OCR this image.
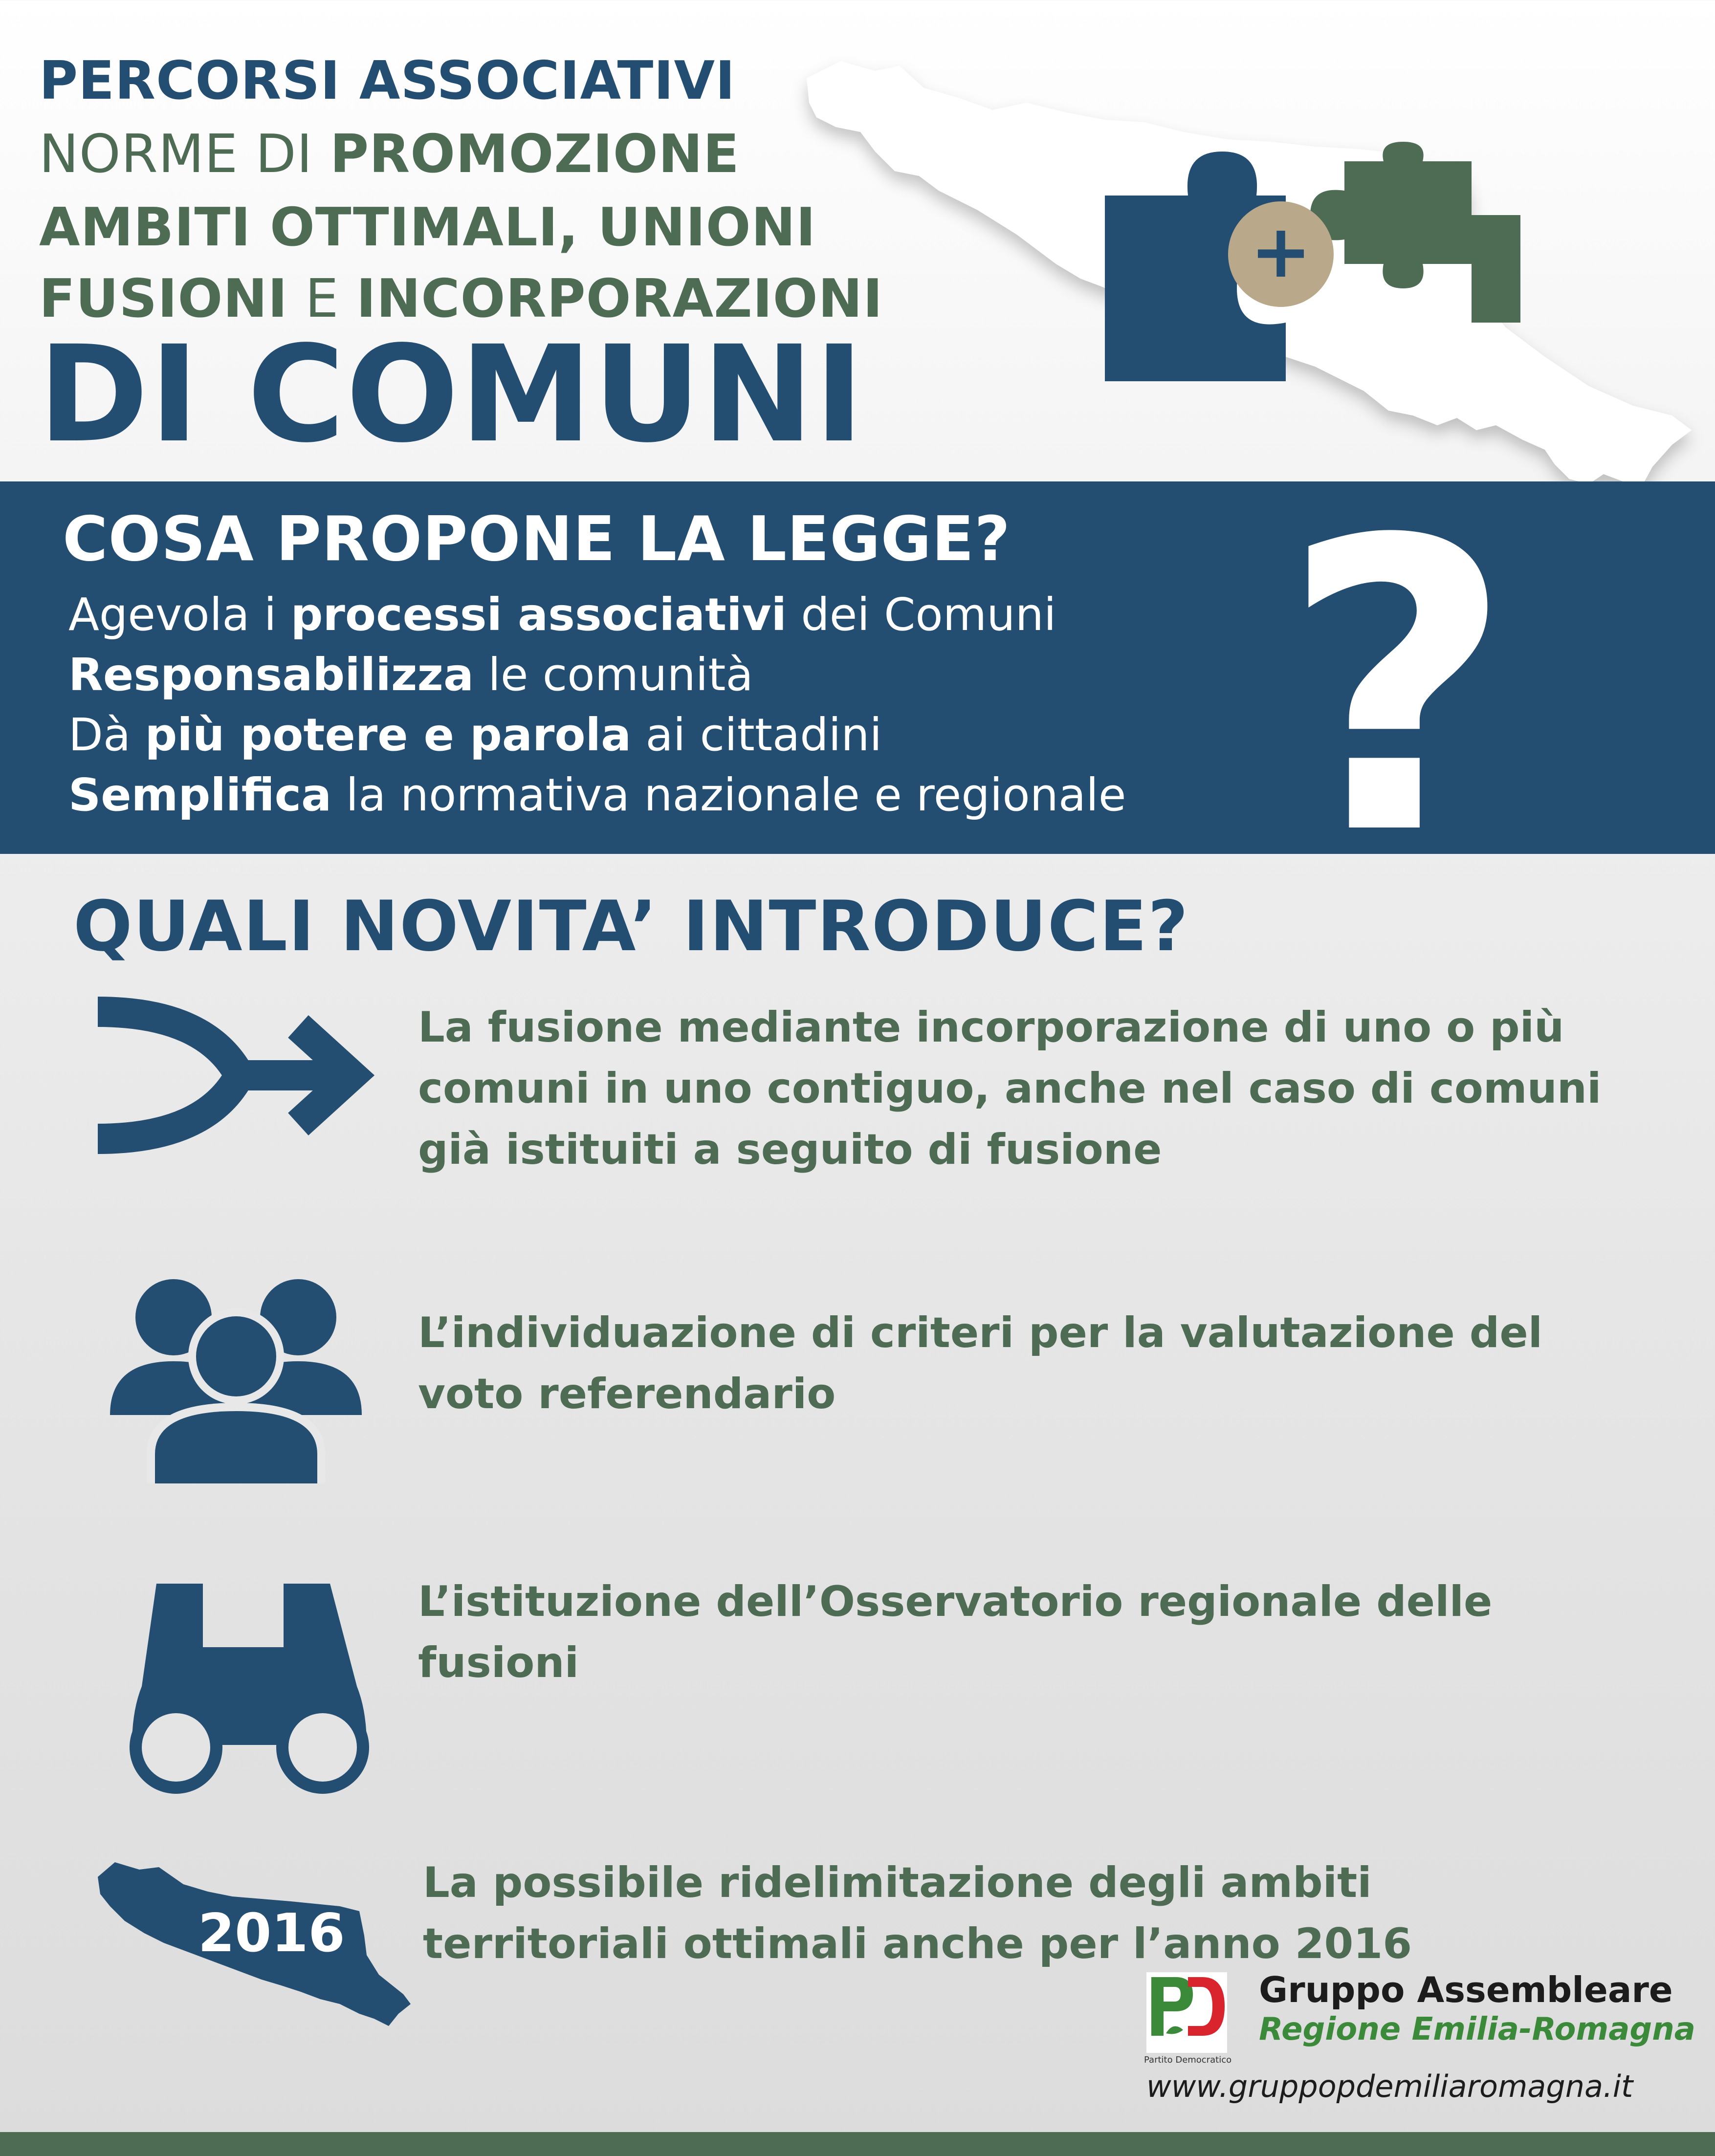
+
PERCORSI ASSOCIATIVI
NORME DI PROMOZIONE
AMBITI OTTIMALI, UNIONI
FUSIONI E INCORPORAZIONI
DI COMUNI
COSA PROPONE LA LEGGE?
Agevola i processi associativi dei Comuni
Responsabilizza le comunità
Dà più potere e parola ai cittadini
Semplifica la normativa nazionale e regionale ?
QUALI NOVITA’ INTRODUCE?
La fusione mediante incorporazione di uno o più comuni in uno contiguo, anche nel caso di comuni già istituiti a seguito di fusione
L’individuazione di criteri per la valutazione del voto referendario
L’istituzione dell’Osservatorio regionale delle fusioni
2016
La possibile ridelimitazione degli ambiti territoriali ottimali anche per l’anno 2016
Partito Democratico
Gruppo Assembleare
Regione Emilia-Romagna
www.gruppopdemiliaromagna.it
